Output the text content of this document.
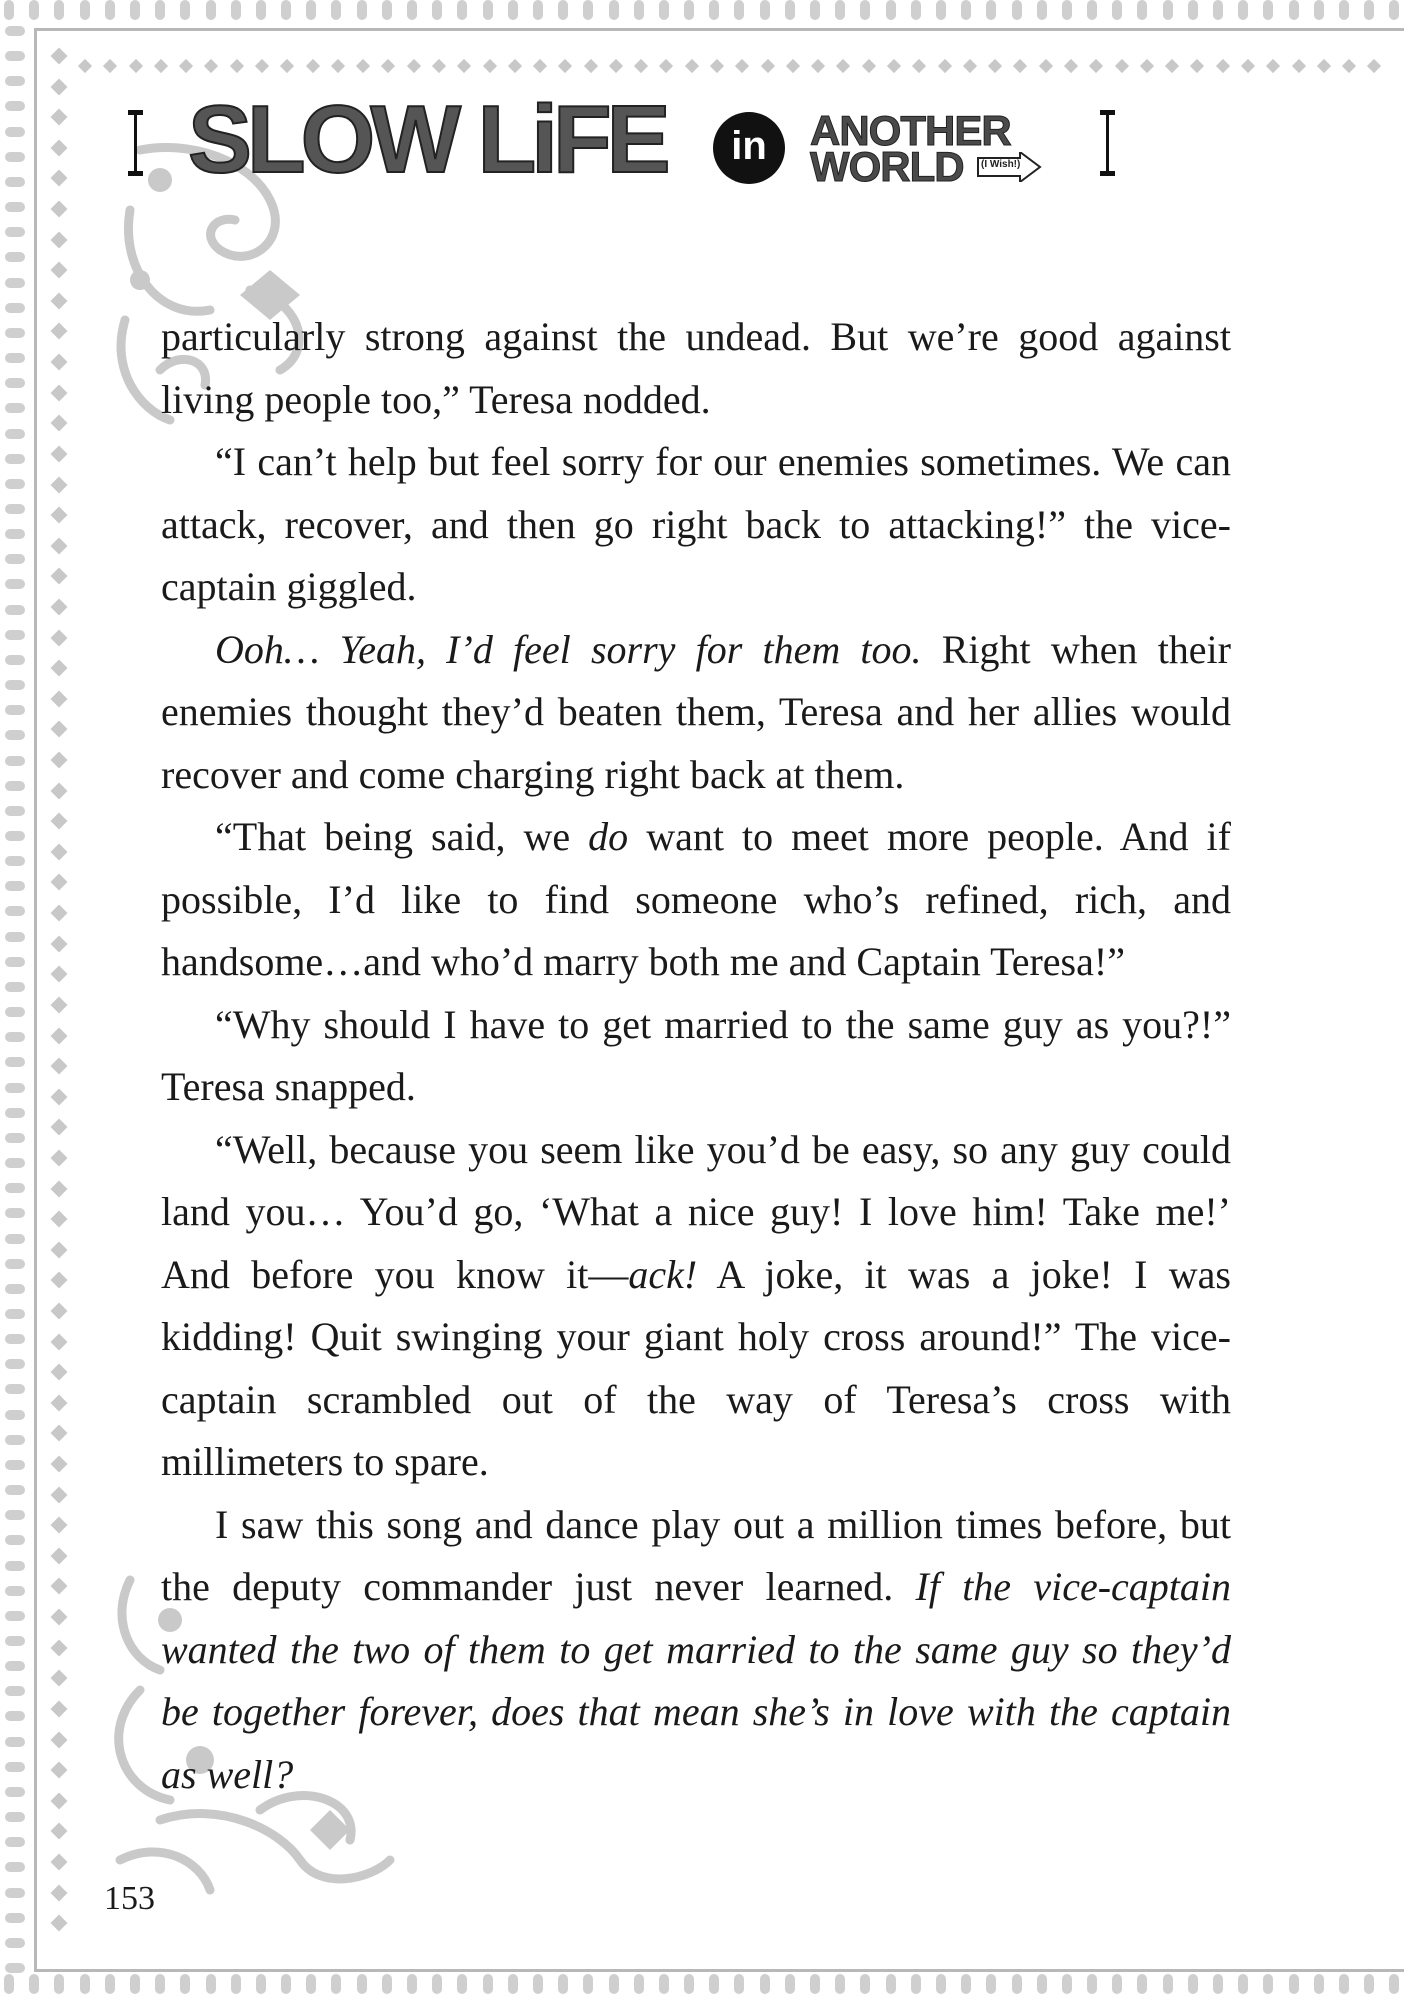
SLOW LiFE	in	ANOTHER
WORLD (I Wish!)

particularly strong against the undead. But we’re good against living people too,” Teresa nodded.

“I can’t help but feel sorry for our enemies sometimes. We can attack, recover, and then go right back to attacking!” the vice-captain giggled.

Ooh… Yeah, I’d feel sorry for them too. Right when their enemies thought they’d beaten them, Teresa and her allies would recover and come charging right back at them.

“That being said, we do want to meet more people. And if possible, I’d like to find someone who’s refined, rich, and handsome…and who’d marry both me and Captain Teresa!”

“Why should I have to get married to the same guy as you?!” Teresa snapped.

“Well, because you seem like you’d be easy, so any guy could land you… You’d go, ‘What a nice guy! I love him! Take me!’ And before you know it—ack! A joke, it was a joke! I was kidding! Quit swinging your giant holy cross around!” The vice-captain scrambled out of the way of Teresa’s cross with millimeters to spare.

I saw this song and dance play out a million times before, but the deputy commander just never learned. If the vice-captain wanted the two of them to get married to the same guy so they’d be together forever, does that mean she’s in love with the captain as well?

153
